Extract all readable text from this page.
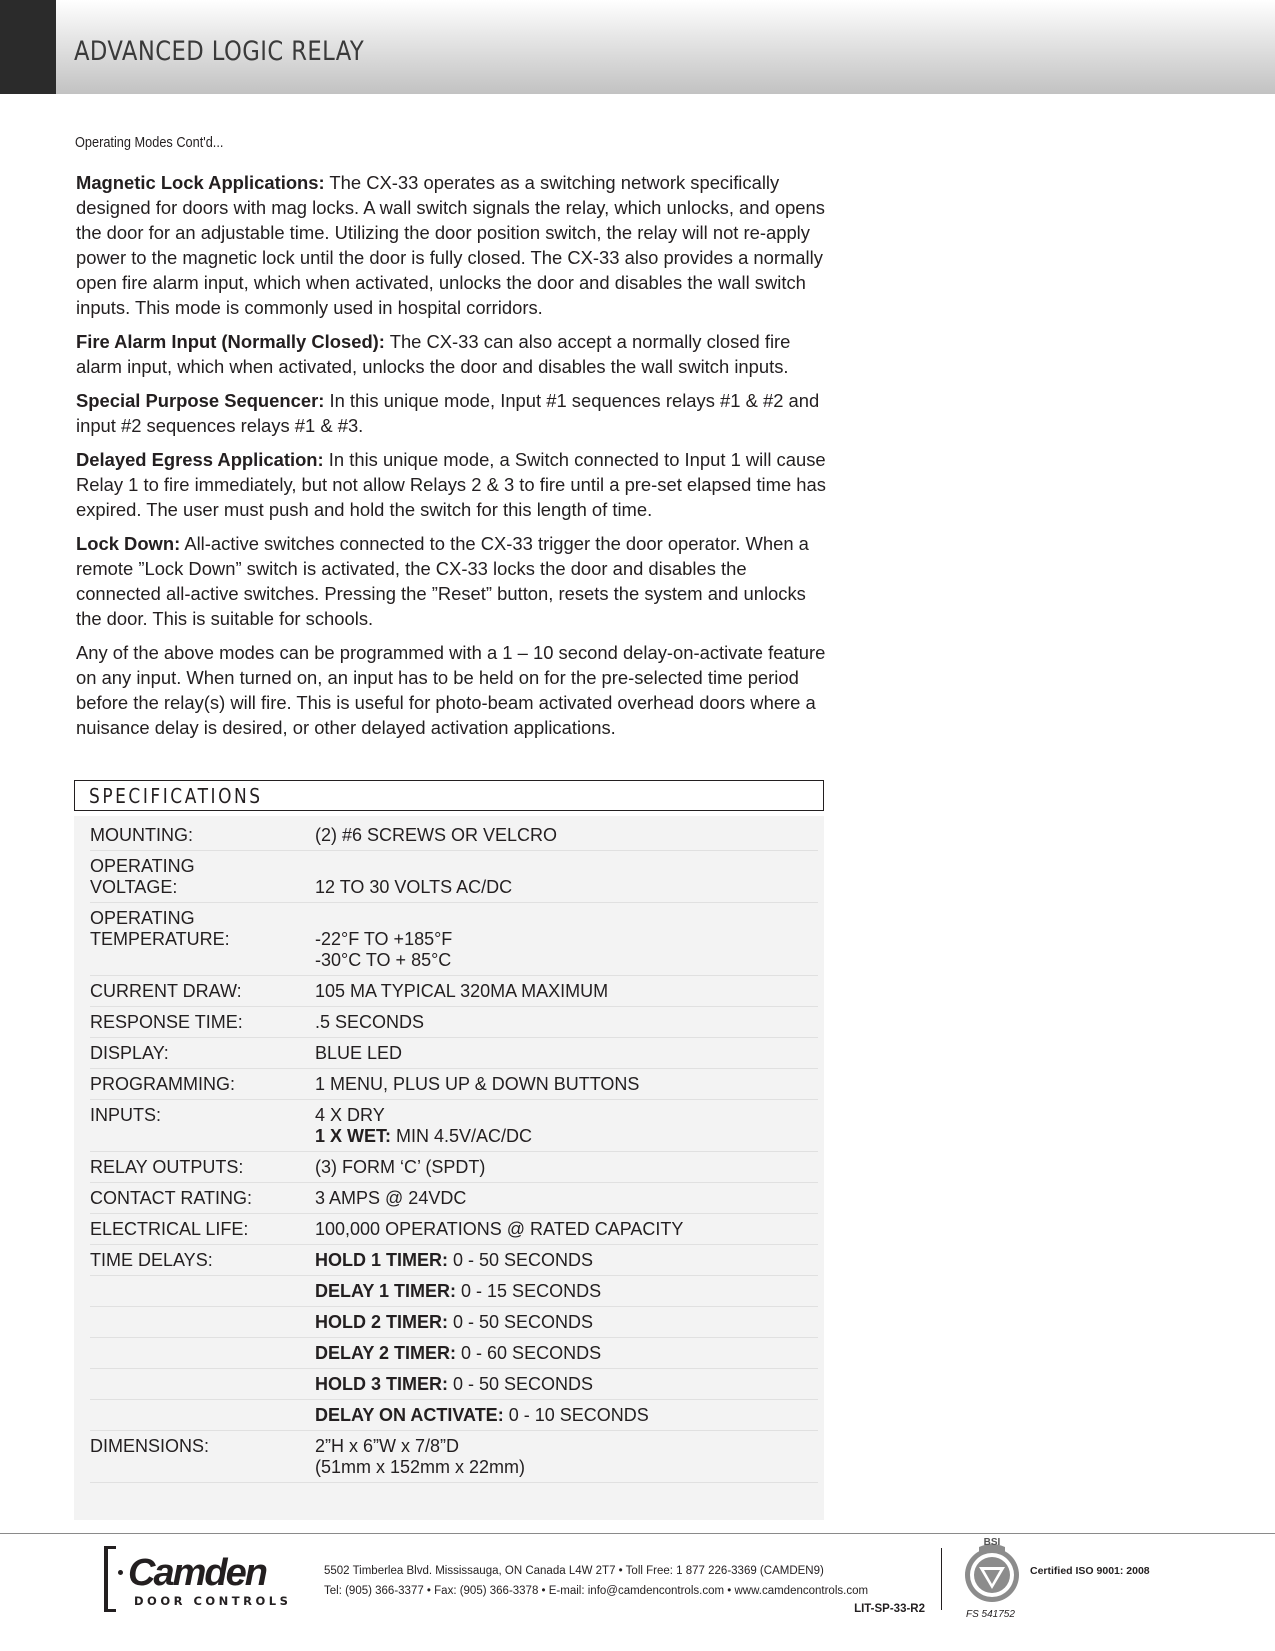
ADVANCED LOGIC RELAY
Operating Modes Cont'd...

Magnetic Lock Applications: The CX-33 operates as a switching network specifically designed for doors with mag locks. A wall switch signals the relay, which unlocks, and opens the door for an adjustable time. Utilizing the door position switch, the relay will not re-apply power to the magnetic lock until the door is fully closed. The CX-33 also provides a normally open fire alarm input, which when activated, unlocks the door and disables the wall switch inputs. This mode is commonly used in hospital corridors.

Fire Alarm Input (Normally Closed): The CX-33 can also accept a normally closed fire alarm input, which when activated, unlocks the door and disables the wall switch inputs.

Special Purpose Sequencer: In this unique mode, Input #1 sequences relays #1 & #2 and input #2 sequences relays #1 & #3.

Delayed Egress Application: In this unique mode, a Switch connected to Input 1 will cause Relay 1 to fire immediately, but not allow Relays 2 & 3 to fire until a pre-set elapsed time has expired. The user must push and hold the switch for this length of time.

Lock Down: All-active switches connected to the CX-33 trigger the door operator. When a remote ”Lock Down” switch is activated, the CX-33 locks the door and disables the connected all-active switches. Pressing the ”Reset” button, resets the system and unlocks the door. This is suitable for schools.

Any of the above modes can be programmed with a 1 – 10 second delay-on-activate feature on any input. When turned on, an input has to be held on for the pre-selected time period before the relay(s) will fire. This is useful for photo-beam activated overhead doors where a nuisance delay is desired, or other delayed activation applications.

SPECIFICATIONS
MOUNTING:	(2) #6 SCREWS OR VELCRO
OPERATING
VOLTAGE:	12 TO 30 VOLTS AC/DC
OPERATING
TEMPERATURE:	-22°F TO +185°F
-30°C TO + 85°C
CURRENT DRAW:	105 MA TYPICAL 320MA MAXIMUM
RESPONSE TIME:	.5 SECONDS
DISPLAY:	BLUE LED
PROGRAMMING:	1 MENU, PLUS UP & DOWN BUTTONS
INPUTS:	4 X DRY
1 X WET: MIN 4.5V/AC/DC
RELAY OUTPUTS:	(3) FORM ‘C’ (SPDT)
CONTACT RATING:	3 AMPS @ 24VDC
ELECTRICAL LIFE:	100,000 OPERATIONS @ RATED CAPACITY
TIME DELAYS:	HOLD 1 TIMER: 0 - 50 SECONDS
DELAY 1 TIMER: 0 - 15 SECONDS
HOLD 2 TIMER: 0 - 50 SECONDS
DELAY 2 TIMER: 0 - 60 SECONDS
HOLD 3 TIMER: 0 - 50 SECONDS
DELAY ON ACTIVATE: 0 - 10 SECONDS
DIMENSIONS:	2”H x 6”W x 7/8”D
(51mm x 152mm x 22mm)
Camden
DOOR CONTROLS
5502 Timberlea Blvd. Mississauga, ON Canada L4W 2T7 • Toll Free: 1 877 226-3369 (CAMDEN9)
Tel: (905) 366-3377 • Fax: (905) 366-3378 • E-mail: info@camdencontrols.com • www.camdencontrols.com
LIT-SP-33-R2
BSI
Certified ISO 9001: 2008
FS 541752
